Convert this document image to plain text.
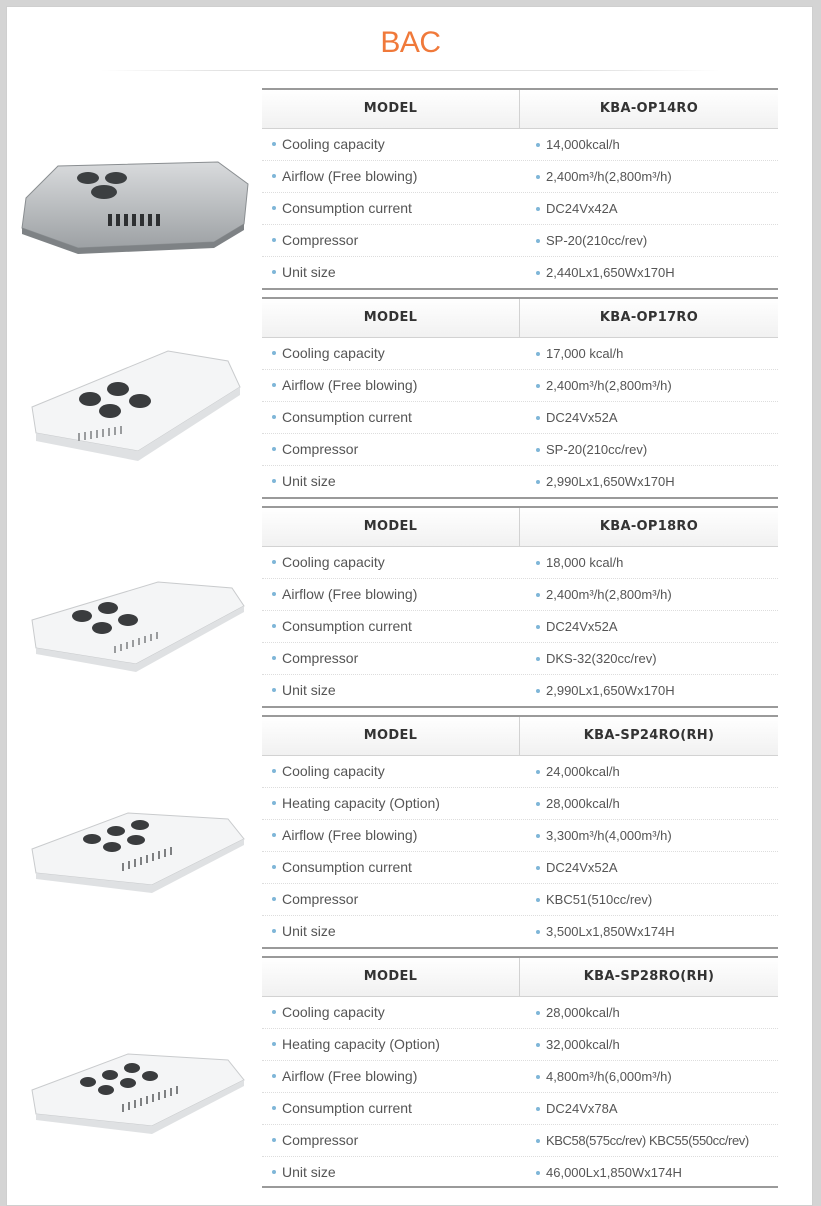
BAC
MODEL	KBA-OP14RO
Cooling capacity	14,000kcal/h
Airflow (Free blowing)	2,400m³/h(2,800m³/h)
Consumption current	DC24Vx42A
Compressor	SP-20(210cc/rev)
Unit size	2,440Lx1,650Wx170H
MODEL	KBA-OP17RO
Cooling capacity	17,000 kcal/h
Airflow (Free blowing)	2,400m³/h(2,800m³/h)
Consumption current	DC24Vx52A
Compressor	SP-20(210cc/rev)
Unit size	2,990Lx1,650Wx170H
MODEL	KBA-OP18RO
Cooling capacity	18,000 kcal/h
Airflow (Free blowing)	2,400m³/h(2,800m³/h)
Consumption current	DC24Vx52A
Compressor	DKS-32(320cc/rev)
Unit size	2,990Lx1,650Wx170H
MODEL	KBA-SP24RO(RH)
Cooling capacity	24,000kcal/h
Heating capacity (Option)	28,000kcal/h
Airflow (Free blowing)	3,300m³/h(4,000m³/h)
Consumption current	DC24Vx52A
Compressor	KBC51(510cc/rev)
Unit size	3,500Lx1,850Wx174H
MODEL	KBA-SP28RO(RH)
Cooling capacity	28,000kcal/h
Heating capacity (Option)	32,000kcal/h
Airflow (Free blowing)	4,800m³/h(6,000m³/h)
Consumption current	DC24Vx78A
Compressor	KBC58(575cc/rev) KBC55(550cc/rev)
Unit size	46,000Lx1,850Wx174H
